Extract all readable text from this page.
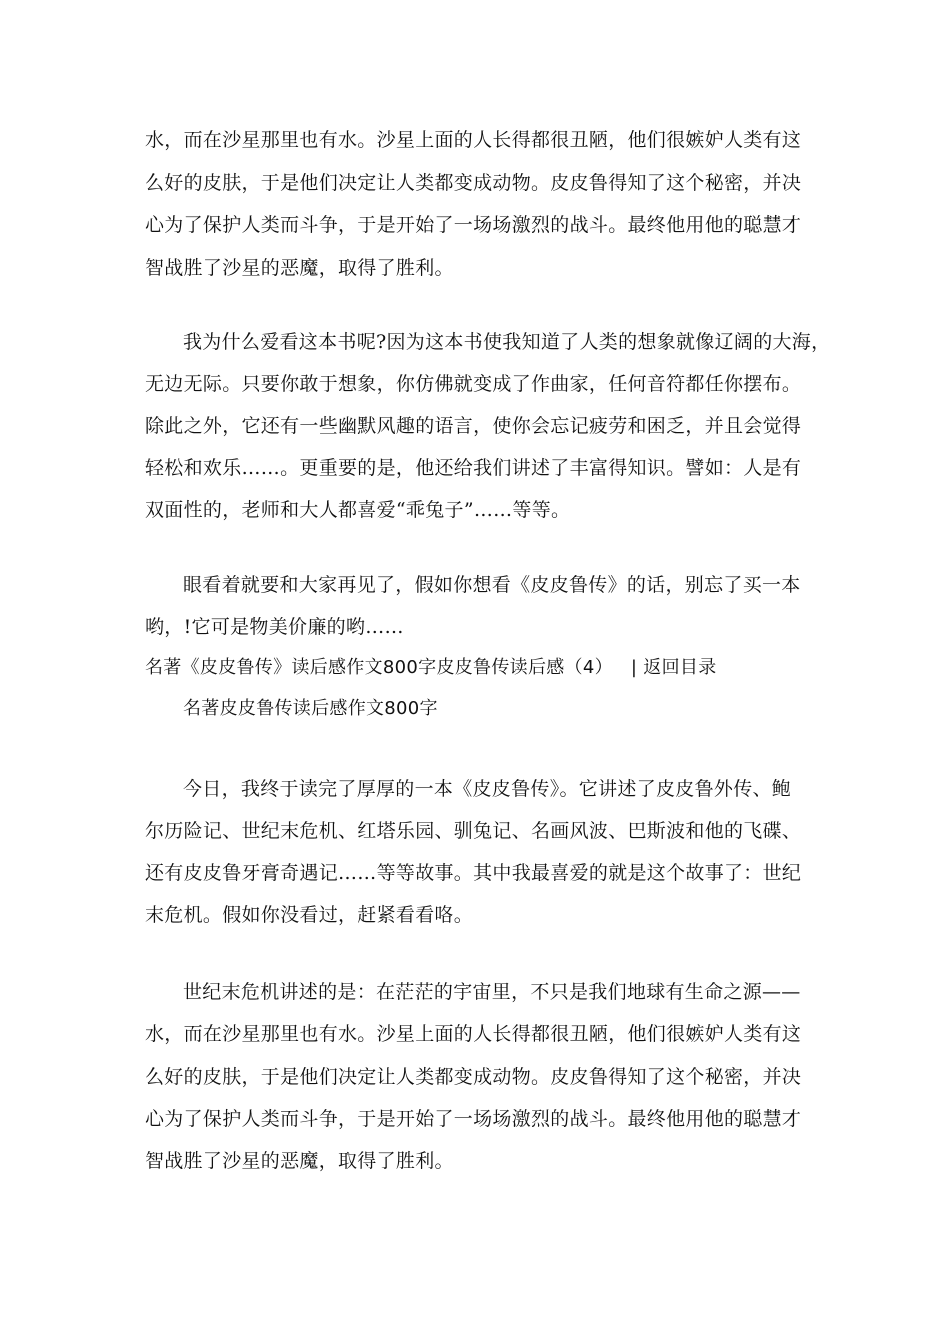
水，而在沙星那里也有水。沙星上面的人长得都很丑陋，他们很嫉妒人类有这
么好的皮肤，于是他们决定让人类都变成动物。皮皮鲁得知了这个秘密，并决
心为了保护人类而斗争，于是开始了一场场激烈的战斗。最终他用他的聪慧才
智战胜了沙星的恶魔，取得了胜利。
我为什么爱看这本书呢?因为这本书使我知道了人类的想象就像辽阔的大海，
无边无际。只要你敢于想象，你仿佛就变成了作曲家，任何音符都任你摆布。
除此之外，它还有一些幽默风趣的语言，使你会忘记疲劳和困乏，并且会觉得
轻松和欢乐……。更重要的是，他还给我们讲述了丰富得知识。譬如：人是有
双面性的，老师和大人都喜爱“乖兔子”……等等。
眼看着就要和大家再见了，假如你想看《皮皮鲁传》的话，别忘了买一本
哟，!它可是物美价廉的哟……
名著《皮皮鲁传》读后感作文800字皮皮鲁传读后感（4） | 返回目录
名著皮皮鲁传读后感作文800字
今日，我终于读完了厚厚的一本《皮皮鲁传》。它讲述了皮皮鲁外传、鲍
尔历险记、世纪末危机、红塔乐园、驯兔记、名画风波、巴斯波和他的飞碟、
还有皮皮鲁牙膏奇遇记……等等故事。其中我最喜爱的就是这个故事了：世纪
末危机。假如你没看过，赶紧看看咯。
世纪末危机讲述的是：在茫茫的宇宙里，不只是我们地球有生命之源——
水，而在沙星那里也有水。沙星上面的人长得都很丑陋，他们很嫉妒人类有这
么好的皮肤，于是他们决定让人类都变成动物。皮皮鲁得知了这个秘密，并决
心为了保护人类而斗争，于是开始了一场场激烈的战斗。最终他用他的聪慧才
智战胜了沙星的恶魔，取得了胜利。
